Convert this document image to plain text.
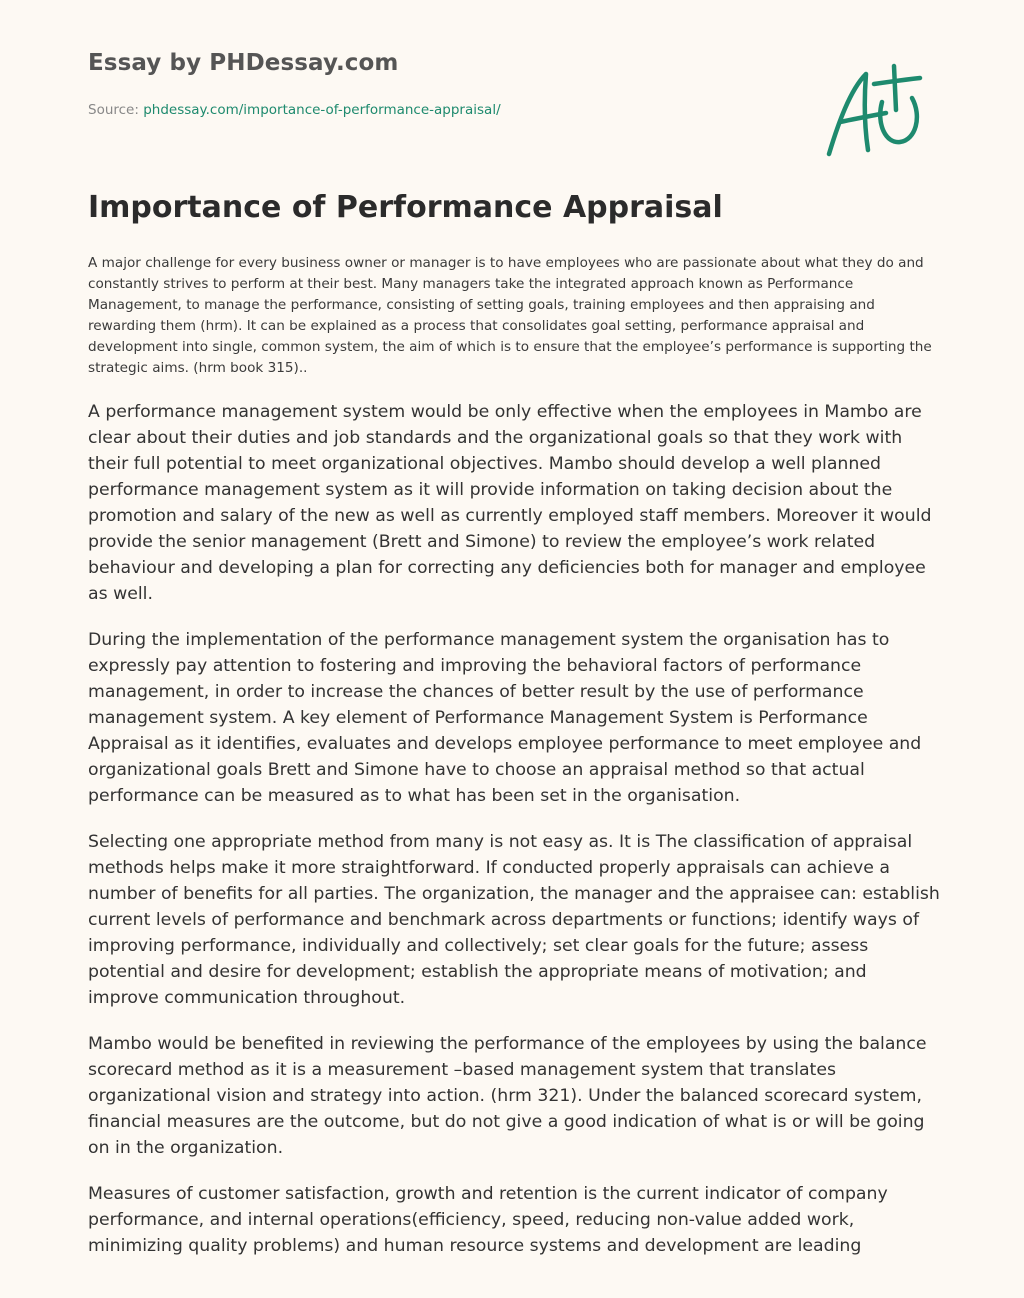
Essay by PHDessay.com
Source: phdessay.com/importance-of-performance-appraisal/
Importance of Performance Appraisal

A major challenge for every business owner or manager is to have employees who are passionate about what they do and constantly strives to perform at their best. Many managers take the integrated approach known as Performance Management, to manage the performance, consisting of setting goals, training employees and then appraising and rewarding them (hrm). It can be explained as a process that consolidates goal setting, performance appraisal and development into single, common system, the aim of which is to ensure that the employee’s performance is supporting the strategic aims. (hrm book 315)..

A performance management system would be only effective when the employees in Mambo are clear about their duties and job standards and the organizational goals so that they work with their full potential to meet organizational objectives. Mambo should develop a well planned performance management system as it will provide information on taking decision about the promotion and salary of the new as well as currently employed staff members. Moreover it would provide the senior management (Brett and Simone) to review the employee’s work related behaviour and developing a plan for correcting any deficiencies both for manager and employee as well.

During the implementation of the performance management system the organisation has to expressly pay attention to fostering and improving the behavioral factors of performance management, in order to increase the chances of better result by the use of performance management system. A key element of Performance Management System is Performance Appraisal as it identifies, evaluates and develops employee performance to meet employee and organizational goals Brett and Simone have to choose an appraisal method so that actual performance can be measured as to what has been set in the organisation.

Selecting one appropriate method from many is not easy as. It is The classification of appraisal methods helps make it more straightforward. If conducted properly appraisals can achieve a number of benefits for all parties. The organization, the manager and the appraisee can: establish current levels of performance and benchmark across departments or functions; identify ways of improving performance, individually and collectively; set clear goals for the future; assess potential and desire for development; establish the appropriate means of motivation; and improve communication throughout.

Mambo would be benefited in reviewing the performance of the employees by using the balance scorecard method as it is a measurement –based management system that translates organizational vision and strategy into action. (hrm 321). Under the balanced scorecard system, financial measures are the outcome, but do not give a good indication of what is or will be going on in the organization.

Measures of customer satisfaction, growth and retention is the current indicator of company performance, and internal operations(efficiency, speed, reducing non-value added work, minimizing quality problems) and human resource systems and development are leading
